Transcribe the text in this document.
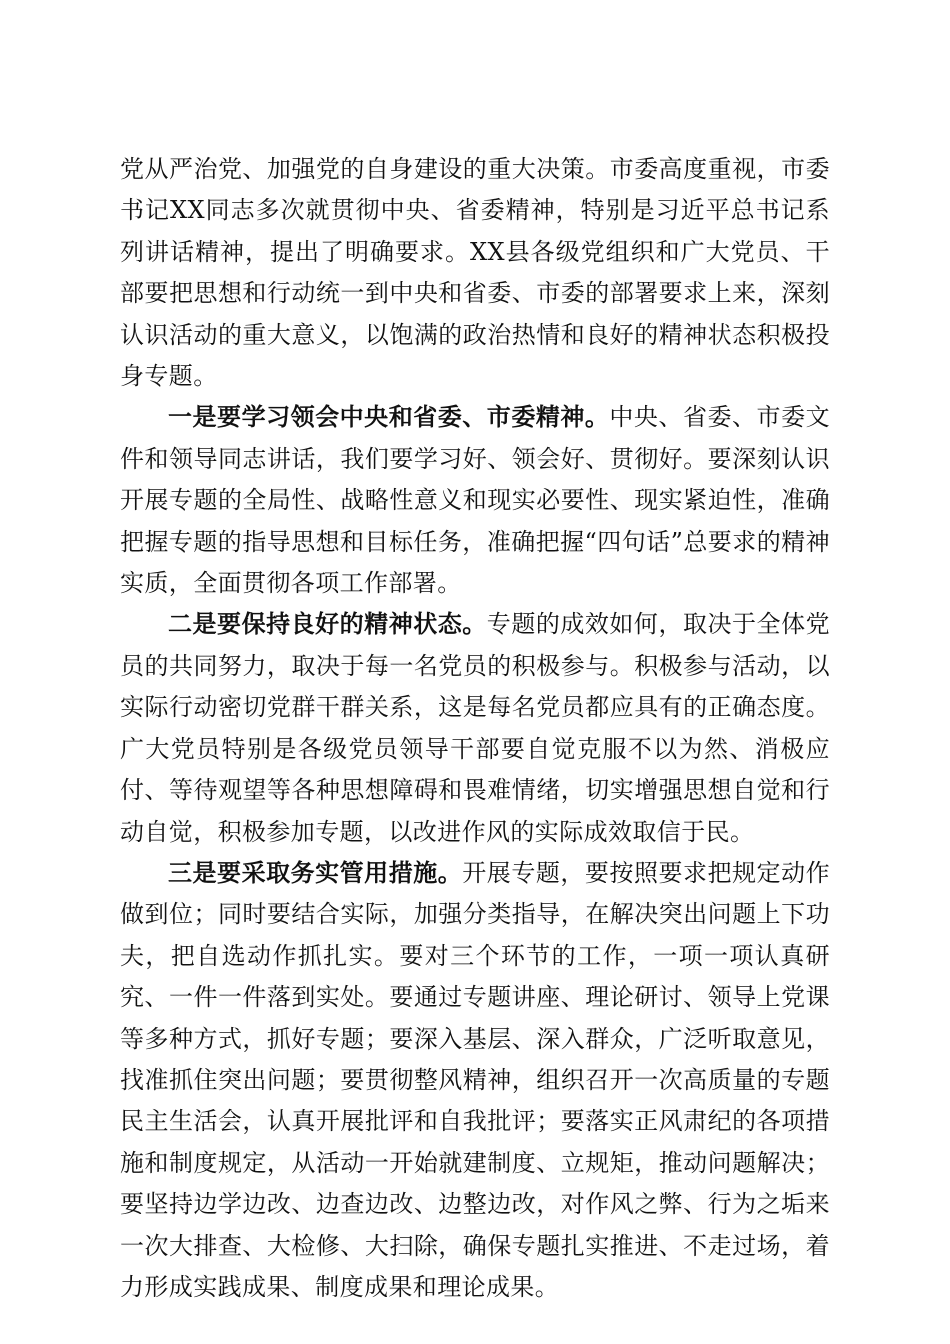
党从严治党、加强党的自身建设的重大决策。市委高度重视，市委书记XX同志多次就贯彻中央、省委精神，特别是习近平总书记系列讲话精神，提出了明确要求。XX县各级党组织和广大党员、干部要把思想和行动统一到中央和省委、市委的部署要求上来，深刻认识活动的重大意义，以饱满的政治热情和良好的精神状态积极投身专题。

一是要学习领会中央和省委、市委精神。中央、省委、市委文件和领导同志讲话，我们要学习好、领会好、贯彻好。要深刻认识开展专题的全局性、战略性意义和现实必要性、现实紧迫性，准确把握专题的指导思想和目标任务，准确把握“四句话”总要求的精神实质，全面贯彻各项工作部署。

二是要保持良好的精神状态。专题的成效如何，取决于全体党员的共同努力，取决于每一名党员的积极参与。积极参与活动，以实际行动密切党群干群关系，这是每名党员都应具有的正确态度。广大党员特别是各级党员领导干部要自觉克服不以为然、消极应付、等待观望等各种思想障碍和畏难情绪，切实增强思想自觉和行动自觉，积极参加专题，以改进作风的实际成效取信于民。

三是要采取务实管用措施。开展专题，要按照要求把规定动作做到位；同时要结合实际，加强分类指导，在解决突出问题上下功夫，把自选动作抓扎实。要对三个环节的工作，一项一项认真研究、一件一件落到实处。要通过专题讲座、理论研讨、领导上党课等多种方式，抓好专题；要深入基层、深入群众，广泛听取意见，找准抓住突出问题；要贯彻整风精神，组织召开一次高质量的专题民主生活会，认真开展批评和自我批评；要落实正风肃纪的各项措施和制度规定，从活动一开始就建制度、立规矩，推动问题解决；要坚持边学边改、边查边改、边整边改，对作风之弊、行为之垢来一次大排查、大检修、大扫除，确保专题扎实推进、不走过场，着力形成实践成果、制度成果和理论成果。
